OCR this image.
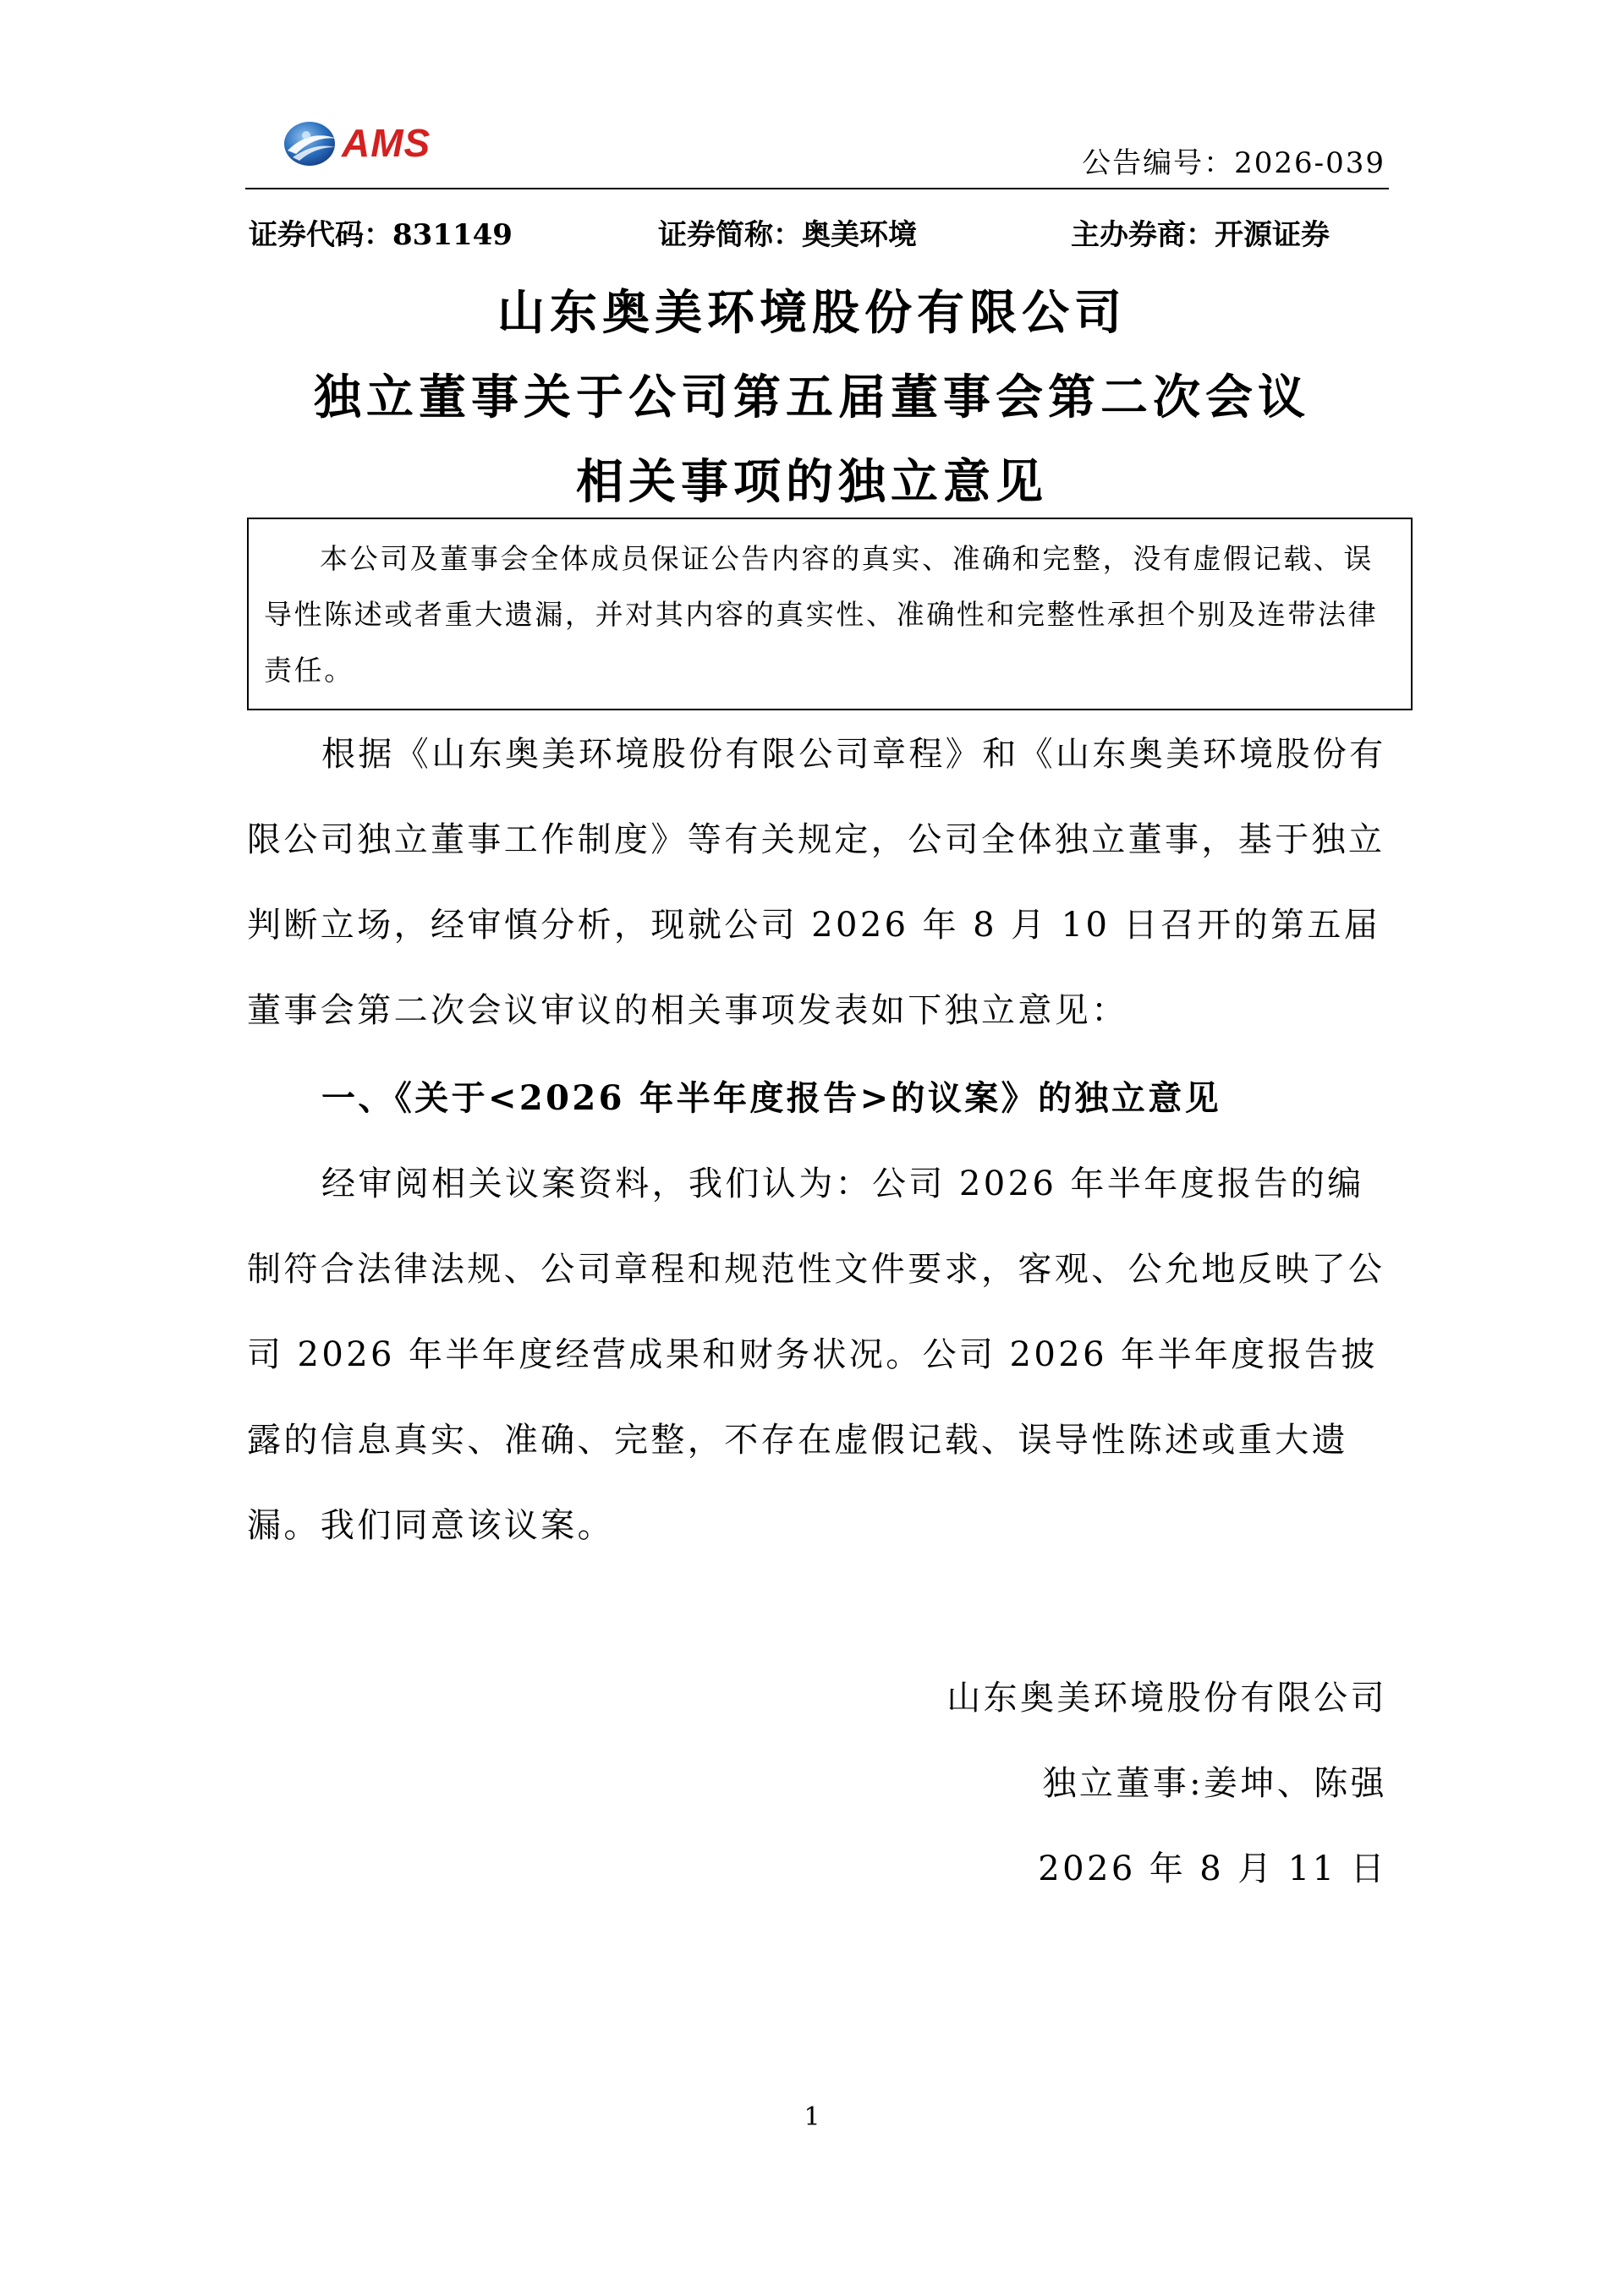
AMS	公告编号：2026-039
证券代码：831149	证券简称：奥美环境	主办券商：开源证券
山东奥美环境股份有限公司
独立董事关于公司第五届董事会第二次会议
相关事项的独立意见
本公司及董事会全体成员保证公告内容的真实、准确和完整，没有虚假记载、误导性陈述或者重大遗漏，并对其内容的真实性、准确性和完整性承担个别及连带法律责任。
根据《山东奥美环境股份有限公司章程》和《山东奥美环境股份有限公司独立董事工作制度》等有关规定，公司全体独立董事，基于独立判断立场，经审慎分析，现就公司 2026 年 8 月 10 日召开的第五届董事会第二次会议审议的相关事项发表如下独立意见：
一、《关于<2026 年半年度报告>的议案》的独立意见
经审阅相关议案资料，我们认为：公司 2026 年半年度报告的编制符合法律法规、公司章程和规范性文件要求，客观、公允地反映了公司 2026 年半年度经营成果和财务状况。公司 2026 年半年度报告披露的信息真实、准确、完整，不存在虚假记载、误导性陈述或重大遗漏。我们同意该议案。
山东奥美环境股份有限公司
独立董事:姜坤、陈强
2026 年 8 月 11 日
1
